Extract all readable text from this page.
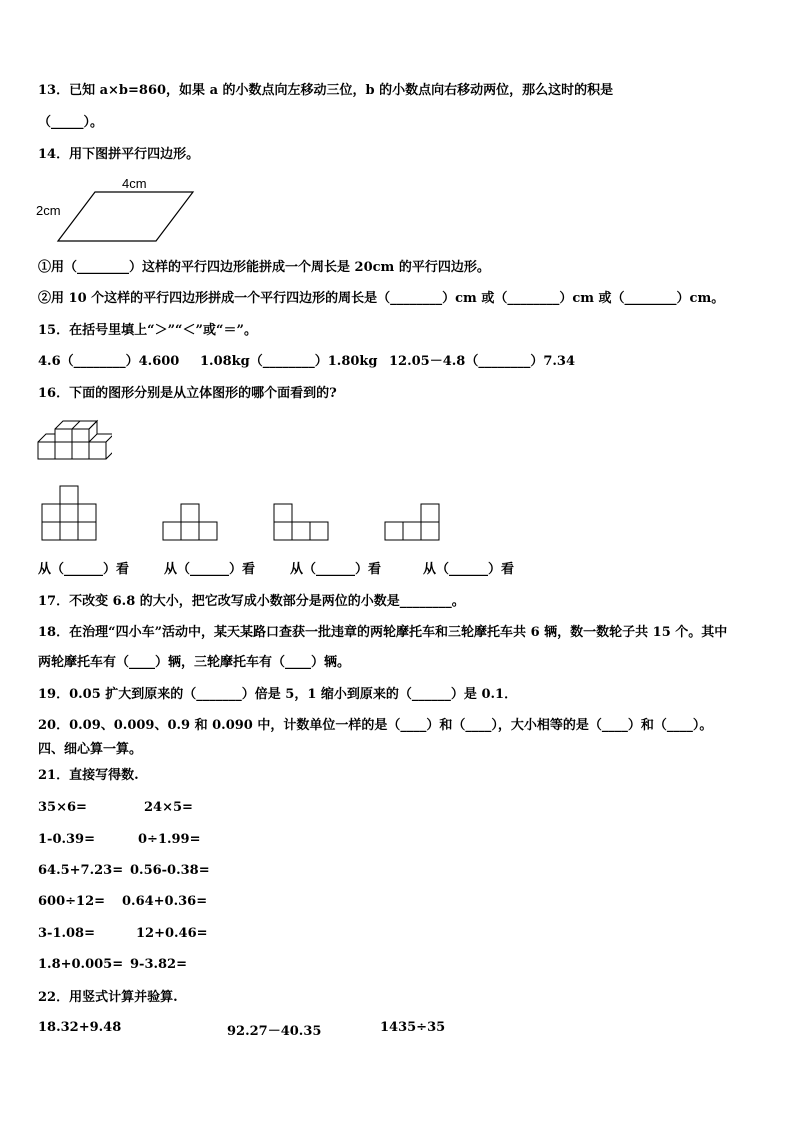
13．已知 a×b=860，如果 a 的小数点向左移动三位，b 的小数点向右移动两位，那么这时的积是
（_____）。
14．用下图拼平行四边形。
4cm
2cm
①用（________）这样的平行四边形能拼成一个周长是 20cm 的平行四边形。
②用 10 个这样的平行四边形拼成一个平行四边形的周长是（________）cm 或（________）cm 或（________）cm。
15．在括号里填上“＞”“＜”或“＝”。
4.6（________）4.600 1.08kg（________）1.80kg 12.05－4.8（________）7.34
16．下面的图形分别是从立体图形的哪个面看到的?
从（______）看	从（______）看	从（______）看	从（______）看
17．不改变 6.8 的大小，把它改写成小数部分是两位的小数是________。
18．在治理“四小车”活动中，某天某路口查获一批违章的两轮摩托车和三轮摩托车共 6 辆，数一数轮子共 15 个。其中
两轮摩托车有（____）辆，三轮摩托车有（____）辆。
19．0.05 扩大到原来的（_______）倍是 5，1 缩小到原来的（______）是 0.1．
20．0.09、0.009、0.9 和 0.090 中，计数单位一样的是（____）和（____），大小相等的是（____）和（____）。
四、细心算一算。
21．直接写得数.
35×6=	24×5=
1-0.39=	0÷1.99=
64.5+7.23= 0.56-0.38=
600÷12= 0.64+0.36=
3-1.08=	12+0.46=
1.8+0.005= 9-3.82=
22．用竖式计算并验算.
18.32+9.48	92.27－40.35	1435÷35
